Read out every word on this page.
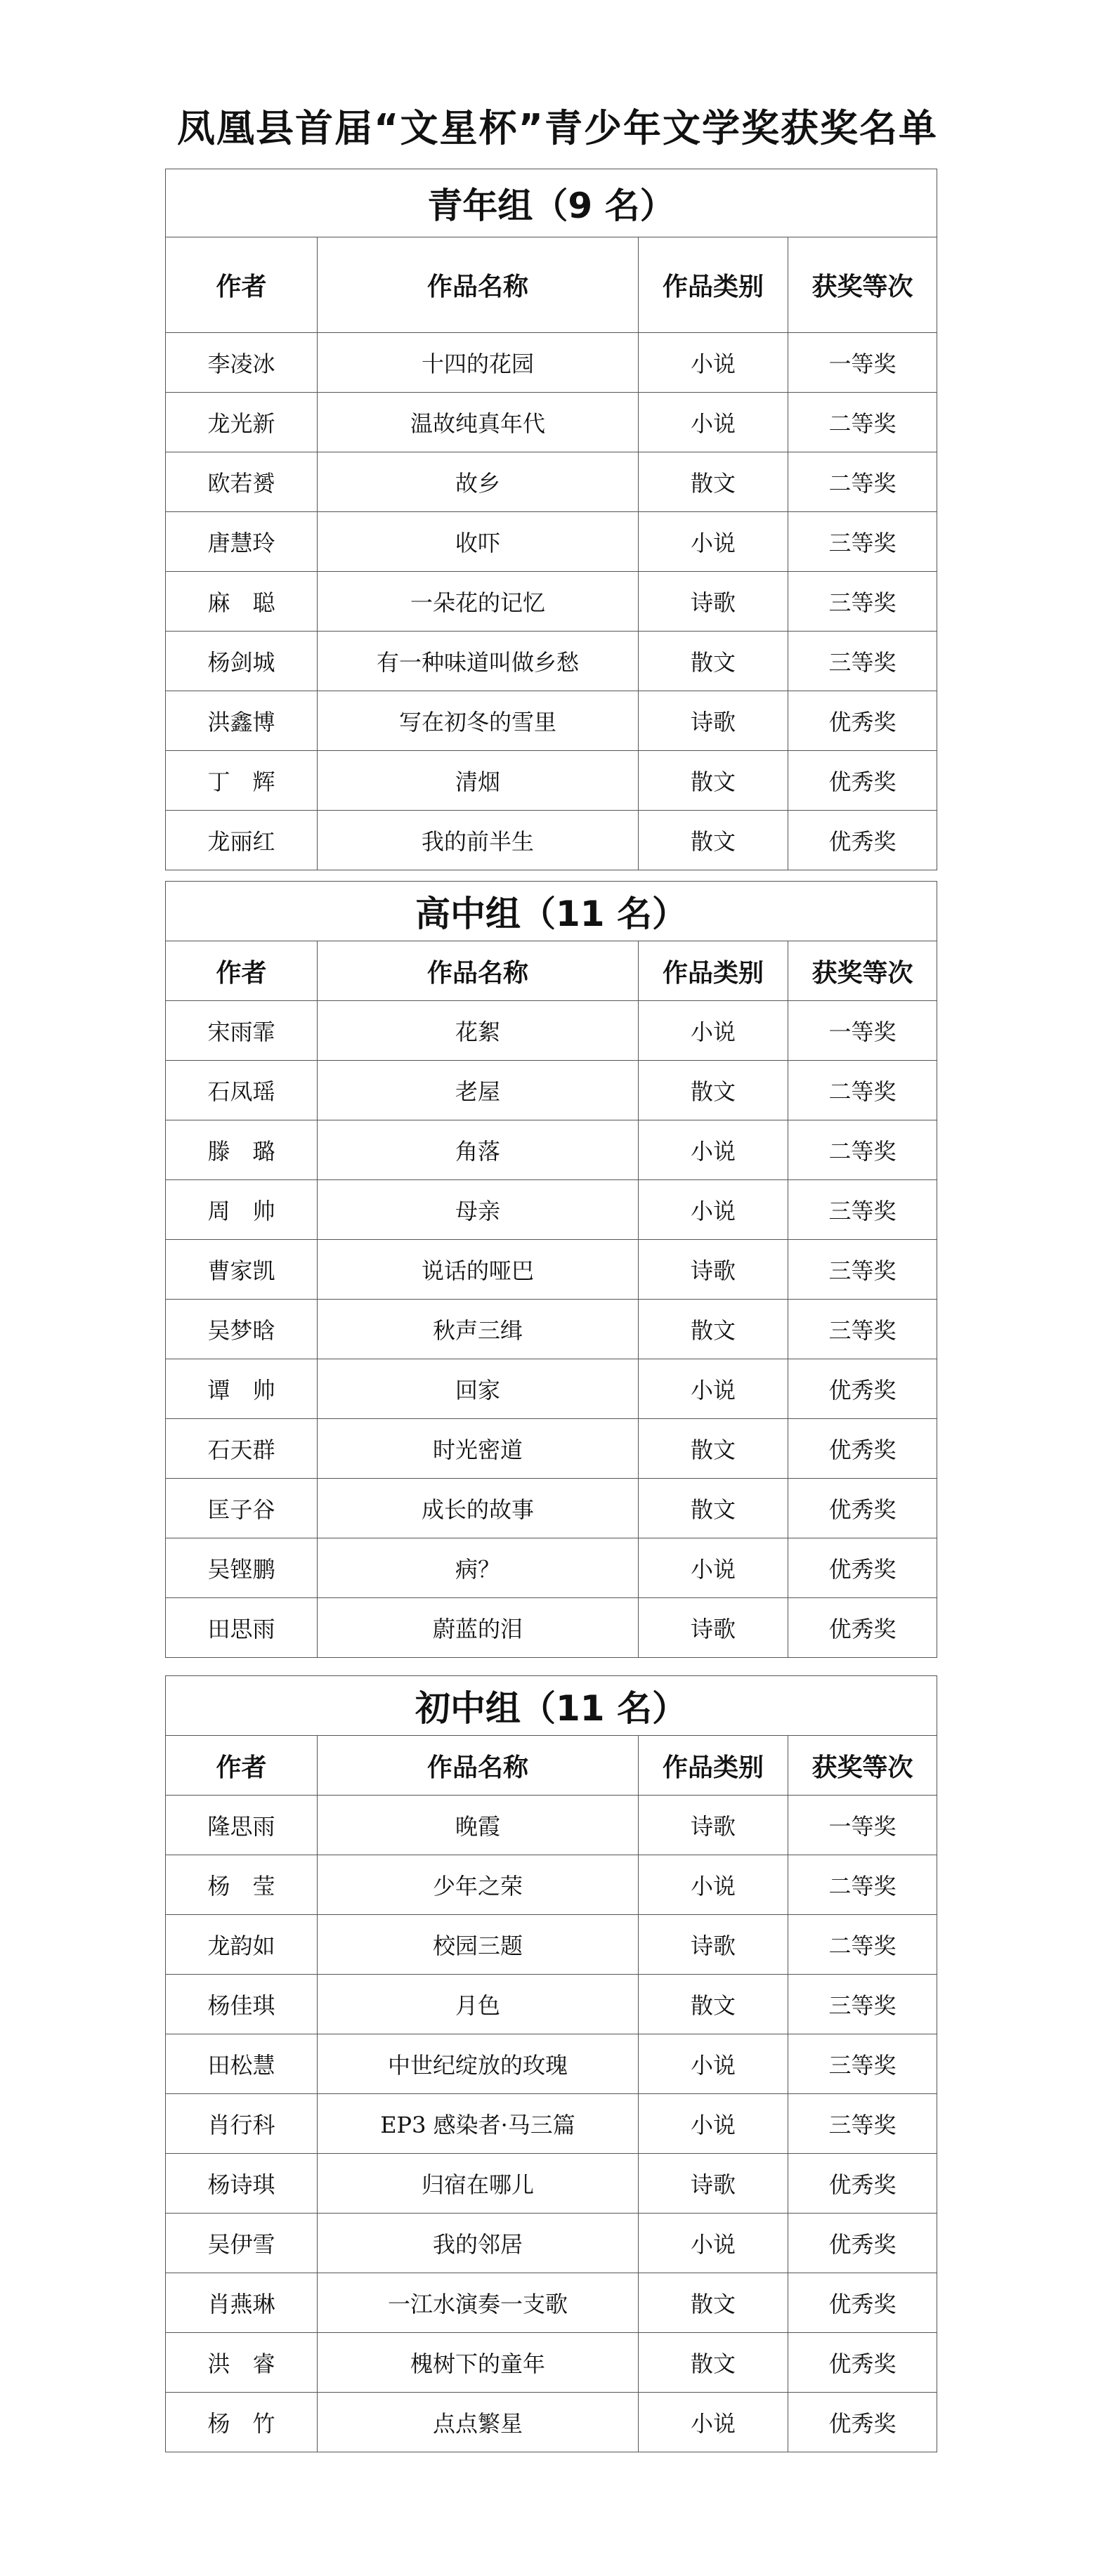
凤凰县首届“文星杯”青少年文学奖获奖名单
青年组（9 名）			
作者	作品名称	作品类别	获奖等次
李凌冰	十四的花园	小说	一等奖
龙光新	温故纯真年代	小说	二等奖
欧若赟	故乡	散文	二等奖
唐慧玲	收吓	小说	三等奖
麻　聪	一朵花的记忆	诗歌	三等奖
杨剑城	有一种味道叫做乡愁	散文	三等奖
洪鑫博	写在初冬的雪里	诗歌	优秀奖
丁　辉	清烟	散文	优秀奖
龙丽红	我的前半生	散文	优秀奖
高中组（11 名）			
作者	作品名称	作品类别	获奖等次
宋雨霏	花絮	小说	一等奖
石凤瑶	老屋	散文	二等奖
滕　璐	角落	小说	二等奖
周　帅	母亲	小说	三等奖
曹家凯	说话的哑巴	诗歌	三等奖
吴梦晗	秋声三缉	散文	三等奖
谭　帅	回家	小说	优秀奖
石天群	时光密道	散文	优秀奖
匡子谷	成长的故事	散文	优秀奖
吴铿鹏	病？	小说	优秀奖
田思雨	蔚蓝的泪	诗歌	优秀奖
初中组（11 名）			
作者	作品名称	作品类别	获奖等次
隆思雨	晚霞	诗歌	一等奖
杨　莹	少年之荣	小说	二等奖
龙韵如	校园三题	诗歌	二等奖
杨佳琪	月色	散文	三等奖
田松慧	中世纪绽放的玫瑰	小说	三等奖
肖行科	EP3 感染者·马三篇	小说	三等奖
杨诗琪	归宿在哪儿	诗歌	优秀奖
吴伊雪	我的邻居	小说	优秀奖
肖燕琳	一江水演奏一支歌	散文	优秀奖
洪　睿	槐树下的童年	散文	优秀奖
杨　竹	点点繁星	小说	优秀奖
